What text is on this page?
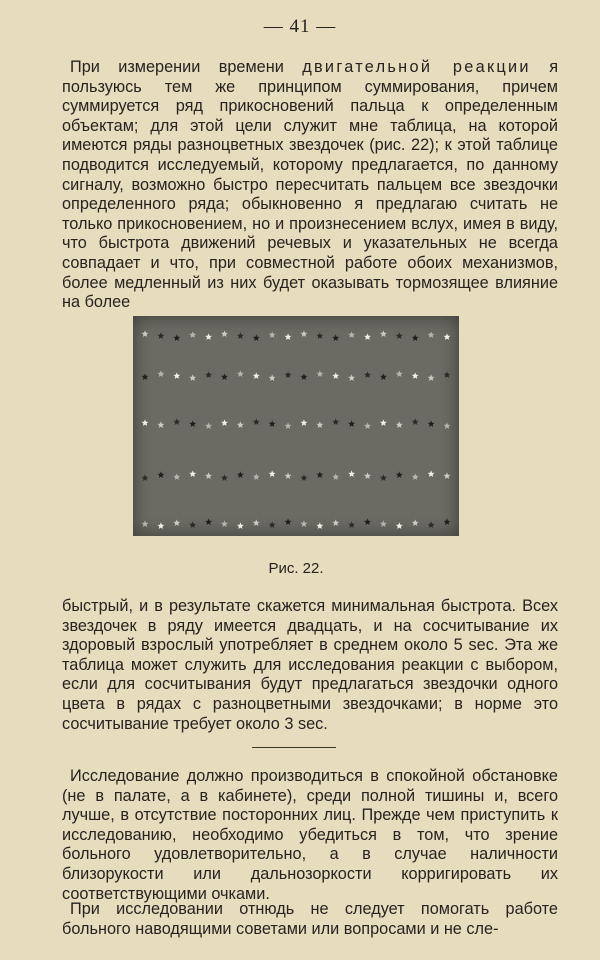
— 41 —

При измерении времени двигательной реакции я пользуюсь тем же принципом суммирования, причем суммируется ряд прикосновений пальца к определенным объектам; для этой цели служит мне таблица, на которой имеются ряды разноцветных звездочек (рис. 22); к этой таблице подводится исследуемый, которому предлагается, по данному сигналу, возможно быстро пересчитать пальцем все звездочки определенного ряда; обыкновенно я предлагаю считать не только прикосновением, но и произнесением вслух, имея в виду, что быстрота движений речевых и указательных не всегда совпадает и что, при совместной работе обоих механизмов, более медленный из них будет оказывать тормозящее влияние на более

Рис. 22.

быстрый, и в результате скажется минимальная быстрота. Всех звездочек в ряду имеется двадцать, и на сосчитывание их здоровый взрослый употребляет в среднем около 5 sec. Эта же таблица может служить для исследования реакции с выбором, если для сосчитывания будут предлагаться звездочки одного цвета в рядах с разноцветными звездочками; в норме это сосчитывание требует около 3 sec.

Исследование должно производиться в спокойной обстановке (не в палате, а в кабинете), среди полной тишины и, всего лучше, в отсутствие посторонних лиц. Прежде чем приступить к исследованию, необходимо убедиться в том, что зрение больного удовлетворительно, а в случае наличности близорукости или дальнозоркости корригировать их соответствующими очками.

При исследовании отнюдь не следует помогать работе больного наводящими советами или вопросами и не сле-
